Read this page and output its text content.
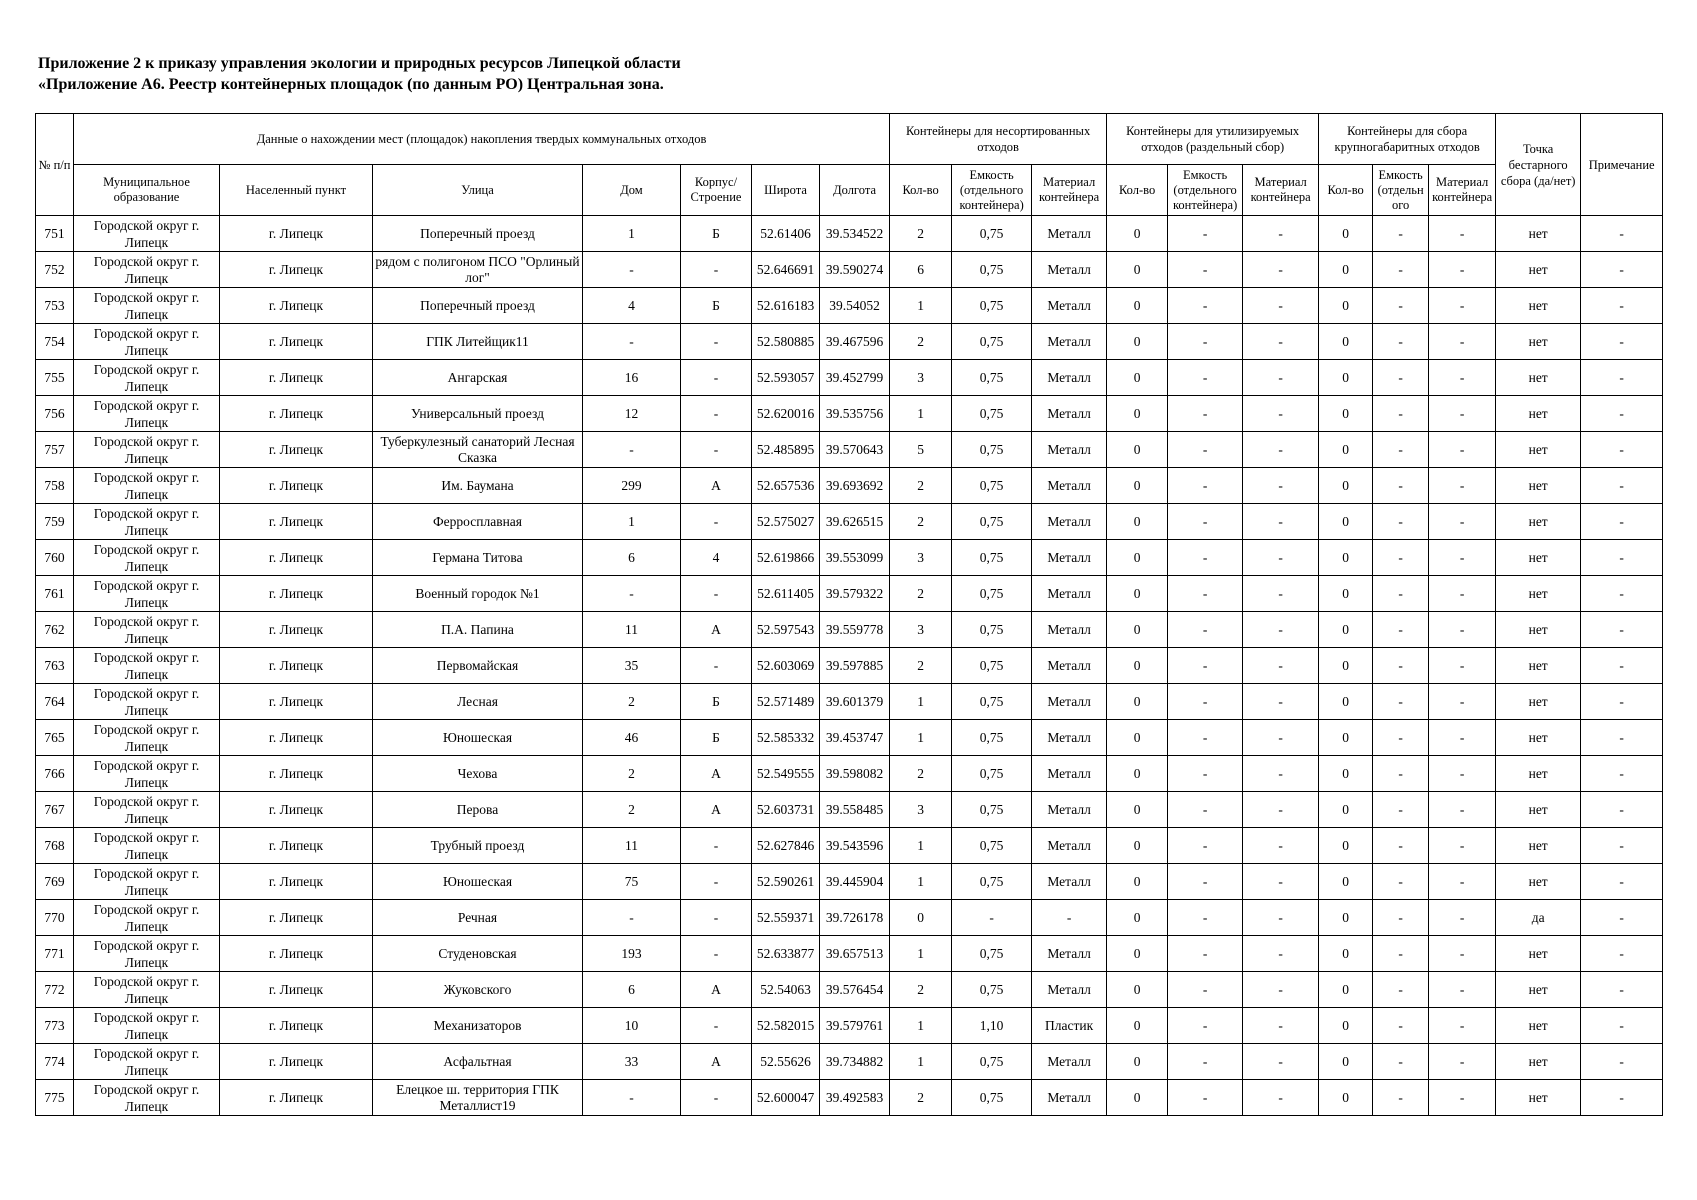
Приложение 2 к приказу управления экологии и природных ресурсов Липецкой области
«Приложение А6. Реестр контейнерных площадок (по данным РО) Центральная зона.
№ п/п	Данные о нахождении мест (площадок) накопления твердых коммунальных отходов							Контейнеры для несортированных отходов			Контейнеры для утилизируемых отходов (раздельный сбор)			Контейнеры для сбора крупногабаритных отходов			Точка бестарного сбора (да/нет)	Примечание
	Муниципальное образование	Населенный пункт	Улица	Дом	Корпус/ Строение	Широта	Долгота	Кол-во	Емкость (отдельного контейнера)	Материал контейнера	Кол-во	Емкость (отдельного контейнера)	Материал контейнера	Кол-во	Емкость (отдельн ого	Материал контейнера		
751	Городской округ г. Липецк	г. Липецк	Поперечный проезд	1	Б	52.61406	39.534522	2	0,75	Металл	0	-	-	0	-	-	нет	-
752	Городской округ г. Липецк	г. Липецк	рядом с полигоном ПСО "Орлиный лог"	-	-	52.646691	39.590274	6	0,75	Металл	0	-	-	0	-	-	нет	-
753	Городской округ г. Липецк	г. Липецк	Поперечный проезд	4	Б	52.616183	39.54052	1	0,75	Металл	0	-	-	0	-	-	нет	-
754	Городской округ г. Липецк	г. Липецк	ГПК Литейщик11	-	-	52.580885	39.467596	2	0,75	Металл	0	-	-	0	-	-	нет	-
755	Городской округ г. Липецк	г. Липецк	Ангарская	16	-	52.593057	39.452799	3	0,75	Металл	0	-	-	0	-	-	нет	-
756	Городской округ г. Липецк	г. Липецк	Универсальный проезд	12	-	52.620016	39.535756	1	0,75	Металл	0	-	-	0	-	-	нет	-
757	Городской округ г. Липецк	г. Липецк	Туберкулезный санаторий Лесная Сказка	-	-	52.485895	39.570643	5	0,75	Металл	0	-	-	0	-	-	нет	-
758	Городской округ г. Липецк	г. Липецк	Им. Баумана	299	А	52.657536	39.693692	2	0,75	Металл	0	-	-	0	-	-	нет	-
759	Городской округ г. Липецк	г. Липецк	Ферросплавная	1	-	52.575027	39.626515	2	0,75	Металл	0	-	-	0	-	-	нет	-
760	Городской округ г. Липецк	г. Липецк	Германа Титова	6	4	52.619866	39.553099	3	0,75	Металл	0	-	-	0	-	-	нет	-
761	Городской округ г. Липецк	г. Липецк	Военный городок №1	-	-	52.611405	39.579322	2	0,75	Металл	0	-	-	0	-	-	нет	-
762	Городской округ г. Липецк	г. Липецк	П.А. Папина	11	А	52.597543	39.559778	3	0,75	Металл	0	-	-	0	-	-	нет	-
763	Городской округ г. Липецк	г. Липецк	Первомайская	35	-	52.603069	39.597885	2	0,75	Металл	0	-	-	0	-	-	нет	-
764	Городской округ г. Липецк	г. Липецк	Лесная	2	Б	52.571489	39.601379	1	0,75	Металл	0	-	-	0	-	-	нет	-
765	Городской округ г. Липецк	г. Липецк	Юношеская	46	Б	52.585332	39.453747	1	0,75	Металл	0	-	-	0	-	-	нет	-
766	Городской округ г. Липецк	г. Липецк	Чехова	2	А	52.549555	39.598082	2	0,75	Металл	0	-	-	0	-	-	нет	-
767	Городской округ г. Липецк	г. Липецк	Перова	2	А	52.603731	39.558485	3	0,75	Металл	0	-	-	0	-	-	нет	-
768	Городской округ г. Липецк	г. Липецк	Трубный проезд	11	-	52.627846	39.543596	1	0,75	Металл	0	-	-	0	-	-	нет	-
769	Городской округ г. Липецк	г. Липецк	Юношеская	75	-	52.590261	39.445904	1	0,75	Металл	0	-	-	0	-	-	нет	-
770	Городской округ г. Липецк	г. Липецк	Речная	-	-	52.559371	39.726178	0	-	-	0	-	-	0	-	-	да	-
771	Городской округ г. Липецк	г. Липецк	Студеновская	193	-	52.633877	39.657513	1	0,75	Металл	0	-	-	0	-	-	нет	-
772	Городской округ г. Липецк	г. Липецк	Жуковского	6	А	52.54063	39.576454	2	0,75	Металл	0	-	-	0	-	-	нет	-
773	Городской округ г. Липецк	г. Липецк	Механизаторов	10	-	52.582015	39.579761	1	1,10	Пластик	0	-	-	0	-	-	нет	-
774	Городской округ г. Липецк	г. Липецк	Асфальтная	33	А	52.55626	39.734882	1	0,75	Металл	0	-	-	0	-	-	нет	-
775	Городской округ г. Липецк	г. Липецк	Елецкое ш. территория ГПК Металлист19	-	-	52.600047	39.492583	2	0,75	Металл	0	-	-	0	-	-	нет	-
